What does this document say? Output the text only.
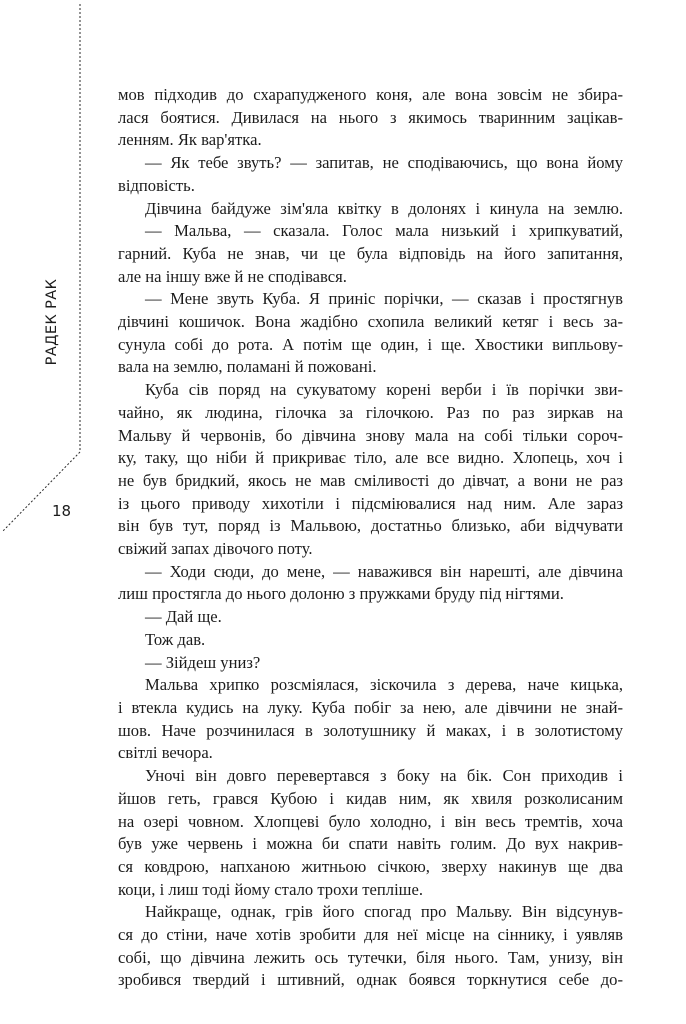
РАДЕК РАК
18

мов підходив до схарапудженого коня, але вона зовсім не збира-

лася боятися. Дивилася на нього з якимось тваринним зацікав-

ленням. Як вар'ятка.

— Як тебе звуть? — запитав, не сподіваючись, що вона йому

відповість.

Дівчина байдуже зім'яла квітку в долонях і кинула на землю.

— Мальва, — сказала. Голос мала низький і хрипкуватий,

гарний. Куба не знав, чи це була відповідь на його запитання,

але на іншу вже й не сподівався.

— Мене звуть Куба. Я приніс порічки, — сказав і простягнув

дівчині кошичок. Вона жадібно схопила великий кетяг і весь за-

сунула собі до рота. А потім ще один, і ще. Хвостики випльову-

вала на землю, поламані й пожовані.

Куба сів поряд на сукуватому корені верби і їв порічки зви-

чайно, як людина, гілочка за гілочкою. Раз по раз зиркав на

Мальву й червонів, бо дівчина знову мала на собі тільки сороч-

ку, таку, що ніби й прикриває тіло, але все видно. Хлопець, хоч і

не був бридкий, якось не мав сміливості до дівчат, а вони не раз

із цього приводу хихотіли і підсміювалися над ним. Але зараз

він був тут, поряд із Мальвою, достатньо близько, аби відчувати

свіжий запах дівочого поту.

— Ходи сюди, до мене, — наважився він нарешті, але дівчина

лиш простягла до нього долоню з пружками бруду під нігтями.

— Дай ще.

Тож дав.

— Зійдеш униз?

Мальва хрипко розсміялася, зіскочила з дерева, наче кицька,

і втекла кудись на луку. Куба побіг за нею, але дівчини не знай-

шов. Наче розчинилася в золотушнику й маках, і в золотистому

світлі вечора.

Уночі він довго перевертався з боку на бік. Сон приходив і

йшов геть, грався Кубою і кидав ним, як хвиля розколисаним

на озері човном. Хлопцеві було холодно, і він весь тремтів, хоча

був уже червень і можна би спати навіть голим. До вух накрив-

ся ковдрою, напханою житньою січкою, зверху накинув ще два

коци, і лиш тоді йому стало трохи тепліше.

Найкраще, однак, грів його спогад про Мальву. Він відсунув-

ся до стіни, наче хотів зробити для неї місце на сіннику, і уявляв

собі, що дівчина лежить ось тутечки, біля нього. Там, унизу, він

зробився твердий і штивний, однак боявся торкнутися себе до-
